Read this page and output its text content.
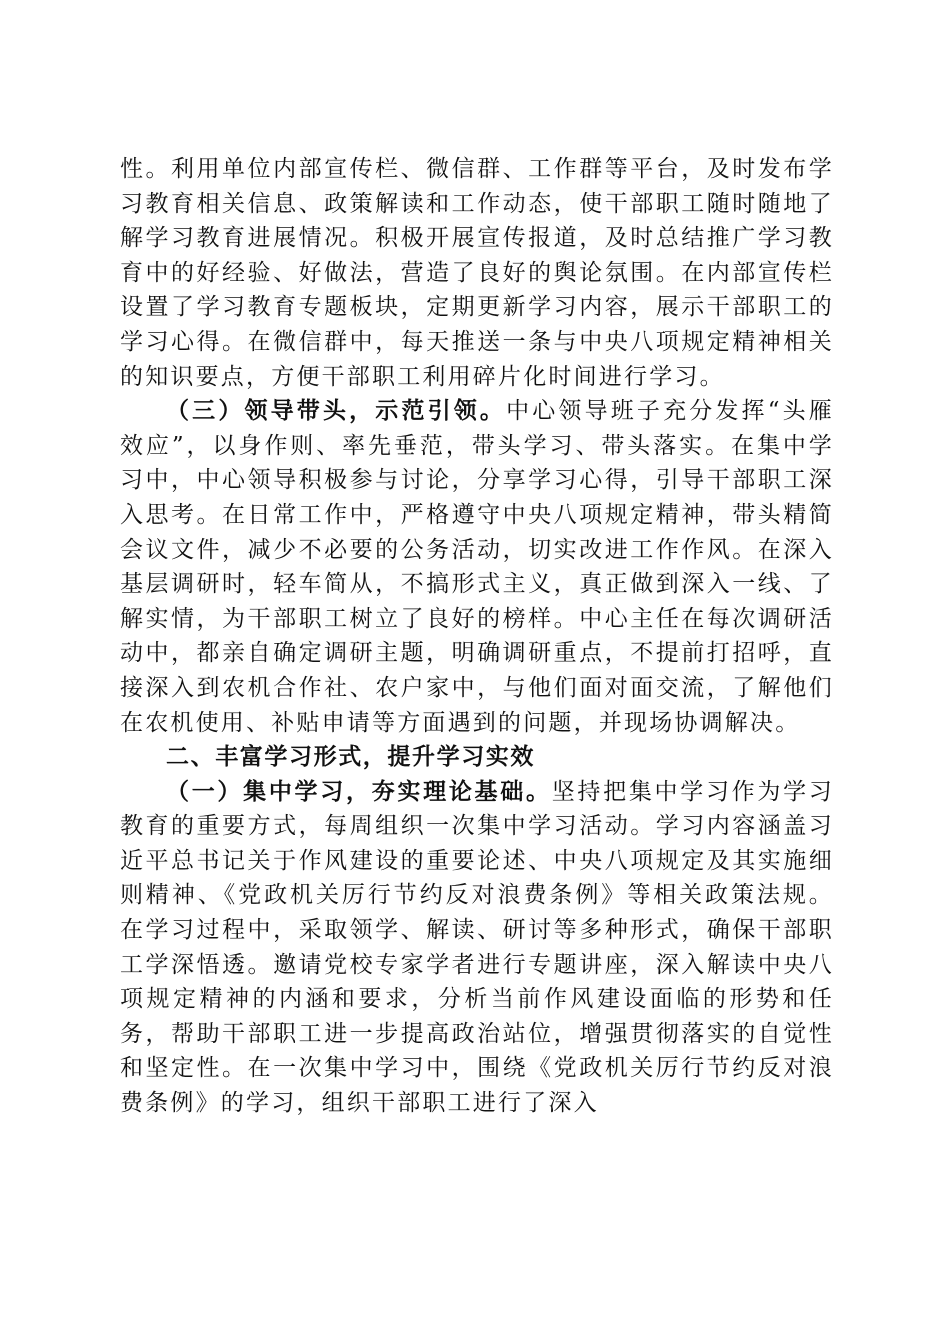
性。利用单位内部宣传栏、微信群、工作群等平台，及时发布学习教育相关信息、政策解读和工作动态，使干部职工随时随地了解学习教育进展情况。积极开展宣传报道，及时总结推广学习教育中的好经验、好做法，营造了良好的舆论氛围。在内部宣传栏设置了学习教育专题板块，定期更新学习内容，展示干部职工的学习心得。在微信群中，每天推送一条与中央八项规定精神相关的知识要点，方便干部职工利用碎片化时间进行学习。

（三）领导带头，示范引领。中心领导班子充分发挥“头雁效应”，以身作则、率先垂范，带头学习、带头落实。在集中学习中，中心领导积极参与讨论，分享学习心得，引导干部职工深入思考。在日常工作中，严格遵守中央八项规定精神，带头精简会议文件，减少不必要的公务活动，切实改进工作作风。在深入基层调研时，轻车简从，不搞形式主义，真正做到深入一线、了解实情，为干部职工树立了良好的榜样。中心主任在每次调研活动中，都亲自确定调研主题，明确调研重点，不提前打招呼，直接深入到农机合作社、农户家中，与他们面对面交流，了解他们在农机使用、补贴申请等方面遇到的问题，并现场协调解决。

二、丰富学习形式，提升学习实效

（一）集中学习，夯实理论基础。坚持把集中学习作为学习教育的重要方式，每周组织一次集中学习活动。学习内容涵盖习近平总书记关于作风建设的重要论述、中央八项规定及其实施细则精神、《党政机关厉行节约反对浪费条例》等相关政策法规。在学习过程中，采取领学、解读、研讨等多种形式，确保干部职工学深悟透。邀请党校专家学者进行专题讲座，深入解读中央八项规定精神的内涵和要求，分析当前作风建设面临的形势和任务，帮助干部职工进一步提高政治站位，增强贯彻落实的自觉性和坚定性。在一次集中学习中，围绕《党政机关厉行节约反对浪费条例》的学习，组织干部职工进行了深入
